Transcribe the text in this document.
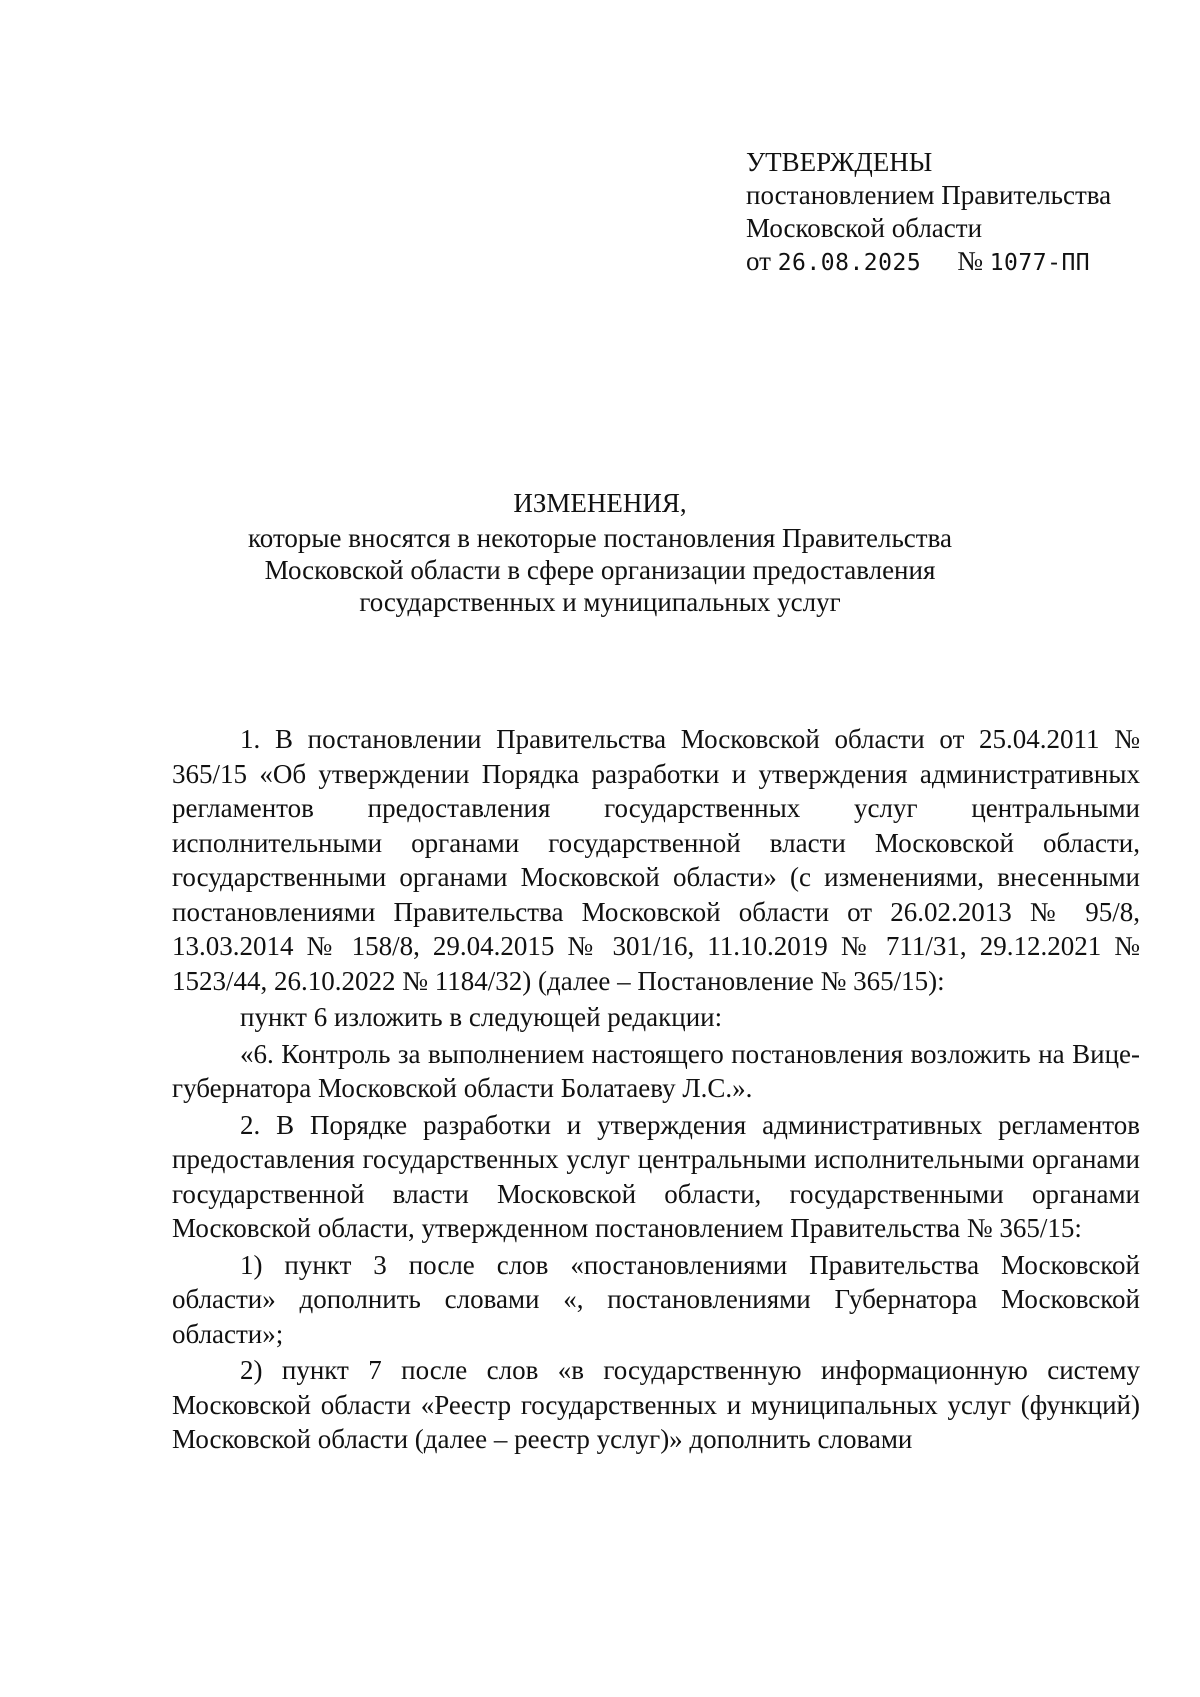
УТВЕРЖДЕНЫ
постановлением Правительства
Московской области
от 26.08.2025 № 1077-ПП
ИЗМЕНЕНИЯ,
которые вносятся в некоторые постановления Правительства
Московской области в сфере организации предоставления
государственных и муниципальных услуг

1. В постановлении Правительства Московской области от 25.04.2011 № 365/15 «Об утверждении Порядка разработки и утверждения административных регламентов предоставления государственных услуг центральными исполнительными органами государственной власти Московской области, государственными органами Московской области» (с изменениями, внесенными постановлениями Правительства Московской области от 26.02.2013 № 95/8, 13.03.2014 № 158/8, 29.04.2015 № 301/16, 11.10.2019 № 711/31, 29.12.2021 № 1523/44, 26.10.2022 № 1184/32) (далее – Постановление № 365/15):

пункт 6 изложить в следующей редакции:

«6. Контроль за выполнением настоящего постановления возложить на Вице-губернатора Московской области Болатаеву Л.С.».

2. В Порядке разработки и утверждения административных регламентов предоставления государственных услуг центральными исполнительными органами государственной власти Московской области, государственными органами Московской области, утвержденном постановлением Правительства № 365/15:

1) пункт 3 после слов «постановлениями Правительства Московской области» дополнить словами «, постановлениями Губернатора Московской области»;

2) пункт 7 после слов «в государственную информационную систему Московской области «Реестр государственных и муниципальных услуг (функций) Московской области (далее – реестр услуг)» дополнить словами
